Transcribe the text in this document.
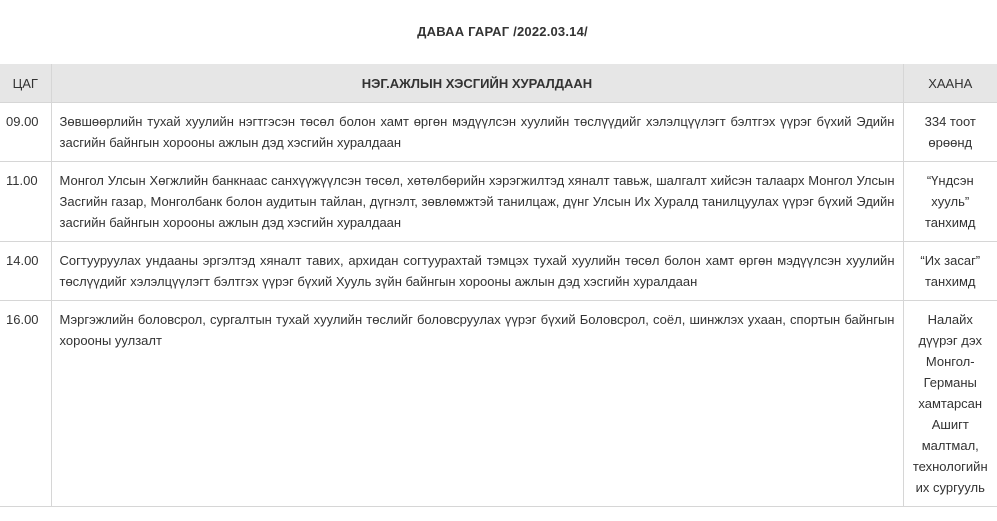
ДАВАА ГАРАГ /2022.03.14/
ЦАГ	НЭГ.АЖЛЫН ХЭСГИЙН ХУРАЛДААН	ХААНА
09.00	Зөвшөөрлийн тухай хуулийн нэгтгэсэн төсөл болон хамт өргөн мэдүүлсэн хуулийн төслүүдийг хэлэлцүүлэгт бэлтгэх үүрэг бүхий Эдийн засгийн байнгын хорооны ажлын дэд хэсгийн хуралдаан	334 тоот өрөөнд
11.00	Монгол Улсын Хөгжлийн банкнаас санхүүжүүлсэн төсөл, хөтөлбөрийн хэрэгжилтэд хяналт тавьж, шалгалт хийсэн талаарх Монгол Улсын Засгийн газар, Монголбанк болон аудитын тайлан, дүгнэлт, зөвлөмжтэй танилцаж, дүнг Улсын Их Хуралд танилцуулах үүрэг бүхий Эдийн засгийн байнгын хорооны ажлын дэд хэсгийн хуралдаан	“Үндсэн хууль” танхимд
14.00	Согтууруулах ундааны эргэлтэд хяналт тавих, архидан согтуурахтай тэмцэх тухай хуулийн төсөл болон хамт өргөн мэдүүлсэн хуулийн төслүүдийг хэлэлцүүлэгт бэлтгэх үүрэг бүхий Хууль зүйн байнгын хорооны ажлын дэд хэсгийн хуралдаан	“Их засаг” танхимд
16.00	Мэргэжлийн боловсрол, сургалтын тухай хуулийн төслийг боловсруулах үүрэг бүхий Боловсрол, соёл, шинжлэх ухаан, спортын байнгын хорооны уулзалт	Налайх дүүрэг дэх Монгол-Германы хамтарсан Ашигт малтмал, технологийн их сургууль
